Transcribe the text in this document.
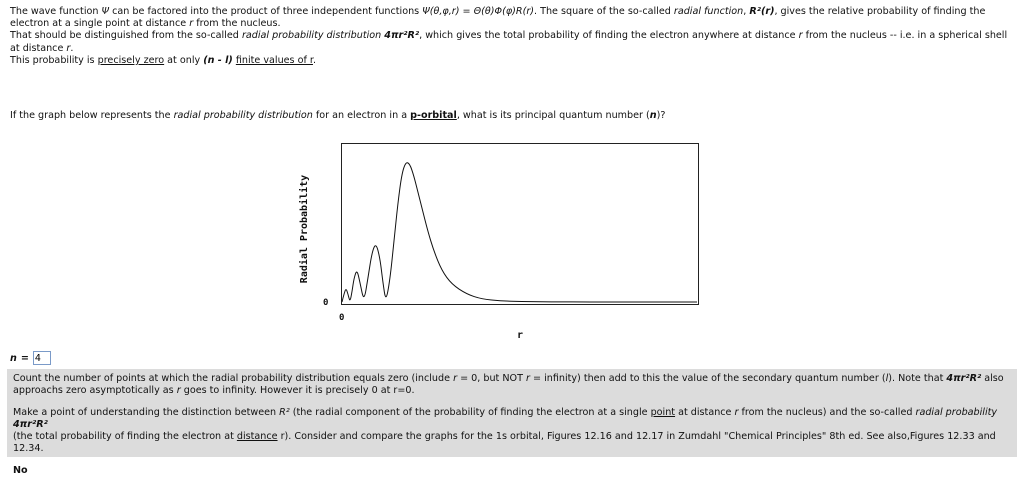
The wave function Ψ can be factored into the product of three independent functions Ψ(θ,φ,r) = Θ(θ)Φ(φ)R(r). The square of the so-called radial function, R²(r), gives the relative probability of finding the electron at a single point at distance r from the nucleus.

That should be distinguished from the so-called radial probability distribution 4πr²R², which gives the total probability of finding the electron anywhere at distance r from the nucleus -- i.e. in a spherical shell at distance r.

This probability is precisely zero at only (n - l) finite values of r.

If the graph below represents the radial probability distribution for an electron in a p-orbital, what is its principal quantum number (n)?
Radial Probability
0
0
r
n =
4

Count the number of points at which the radial probability distribution equals zero (include r = 0, but NOT r = infinity) then add to this the value of the secondary quantum number (l). Note that 4πr²R² also approachs zero asymptotically as r goes to infinity. However it is precisely 0 at r=0.

Make a point of understanding the distinction between R² (the radial component of the probability of finding the electron at a single point at distance r from the nucleus) and the so-called radial probability 4πr²R²
(the total probability of finding the electron at distance r). Consider and compare the graphs for the 1s orbital, Figures 12.16 and 12.17 in Zumdahl "Chemical Principles" 8th ed. See also,Figures 12.33 and 12.34.

No
